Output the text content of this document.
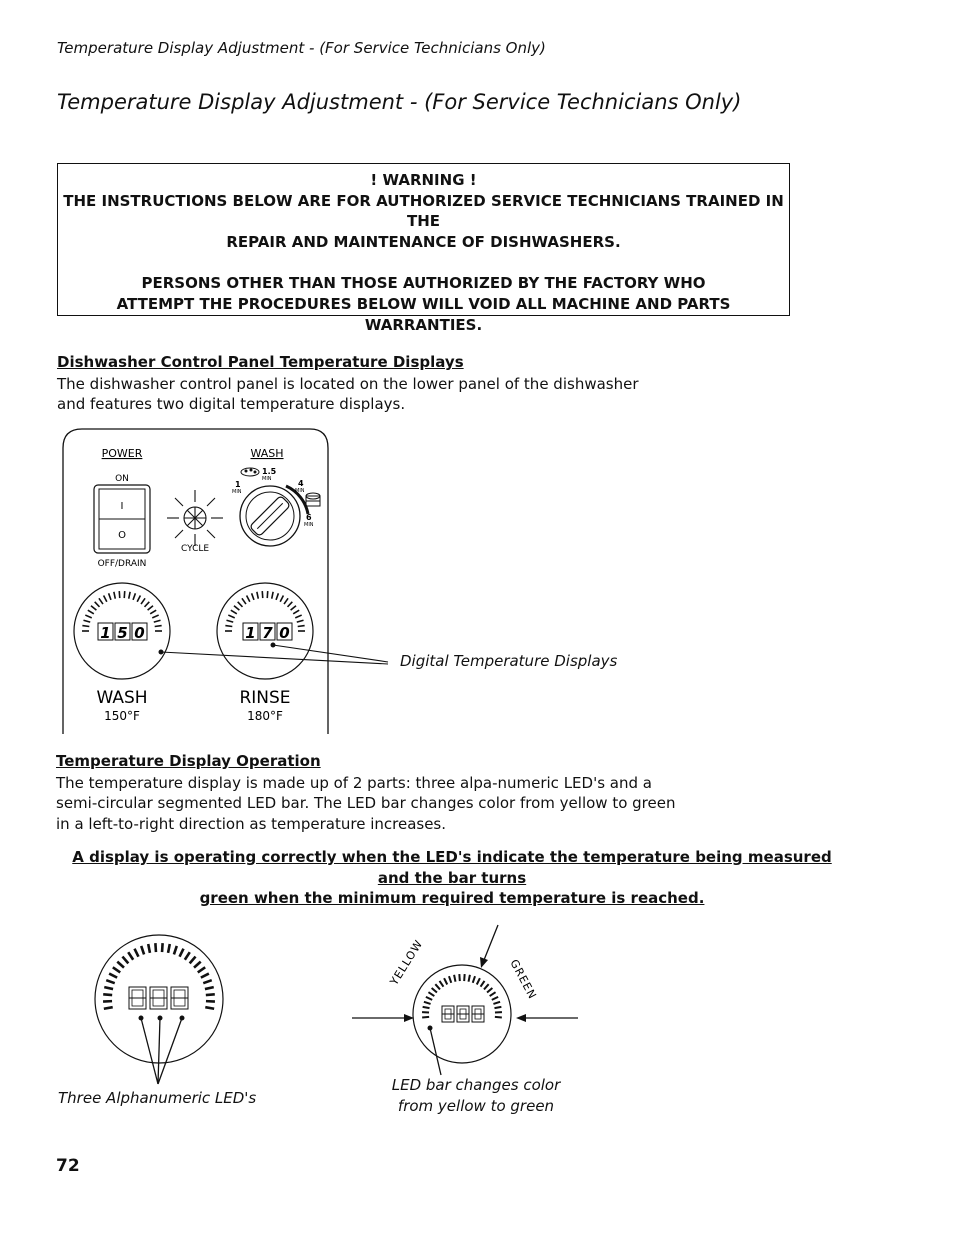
Temperature Display Adjustment - (For Service Technicians Only)
Temperature Display Adjustment - (For Service Technicians Only)

! WARNING !

THE INSTRUCTIONS BELOW ARE FOR AUTHORIZED SERVICE TECHNICIANS TRAINED IN THE

REPAIR AND MAINTENANCE OF DISHWASHERS.

PERSONS OTHER THAN THOSE AUTHORIZED BY THE FACTORY WHO

ATTEMPT THE PROCEDURES BELOW WILL VOID ALL MACHINE AND PARTS

WARRANTIES.

Dishwasher Control Panel Temperature Displays

The dishwasher control panel is located on the lower panel of the dishwasher

and features two digital temperature displays.

POWER
ON
I
O
OFF/DRAIN
CYCLE
WASH
1
MIN
1.5
MIN	4
MIN
6
MIN
1 5 0
WASH
150°F
1 7 0
RINSE
180°F
Digital Temperature Displays
Temperature Display Operation

The temperature display is made up of 2 parts: three alpa-numeric LED's and a

semi-circular segmented LED bar. The LED bar changes color from yellow to green

in a left-to-right direction as temperature increases.

A display is operating correctly when the LED's indicate the temperature being measured and the bar turns
green when the minimum required temperature is reached.
Three Alphanumeric LED's
YELLOW	GREEN
LED bar changes color
from yellow to green
72
